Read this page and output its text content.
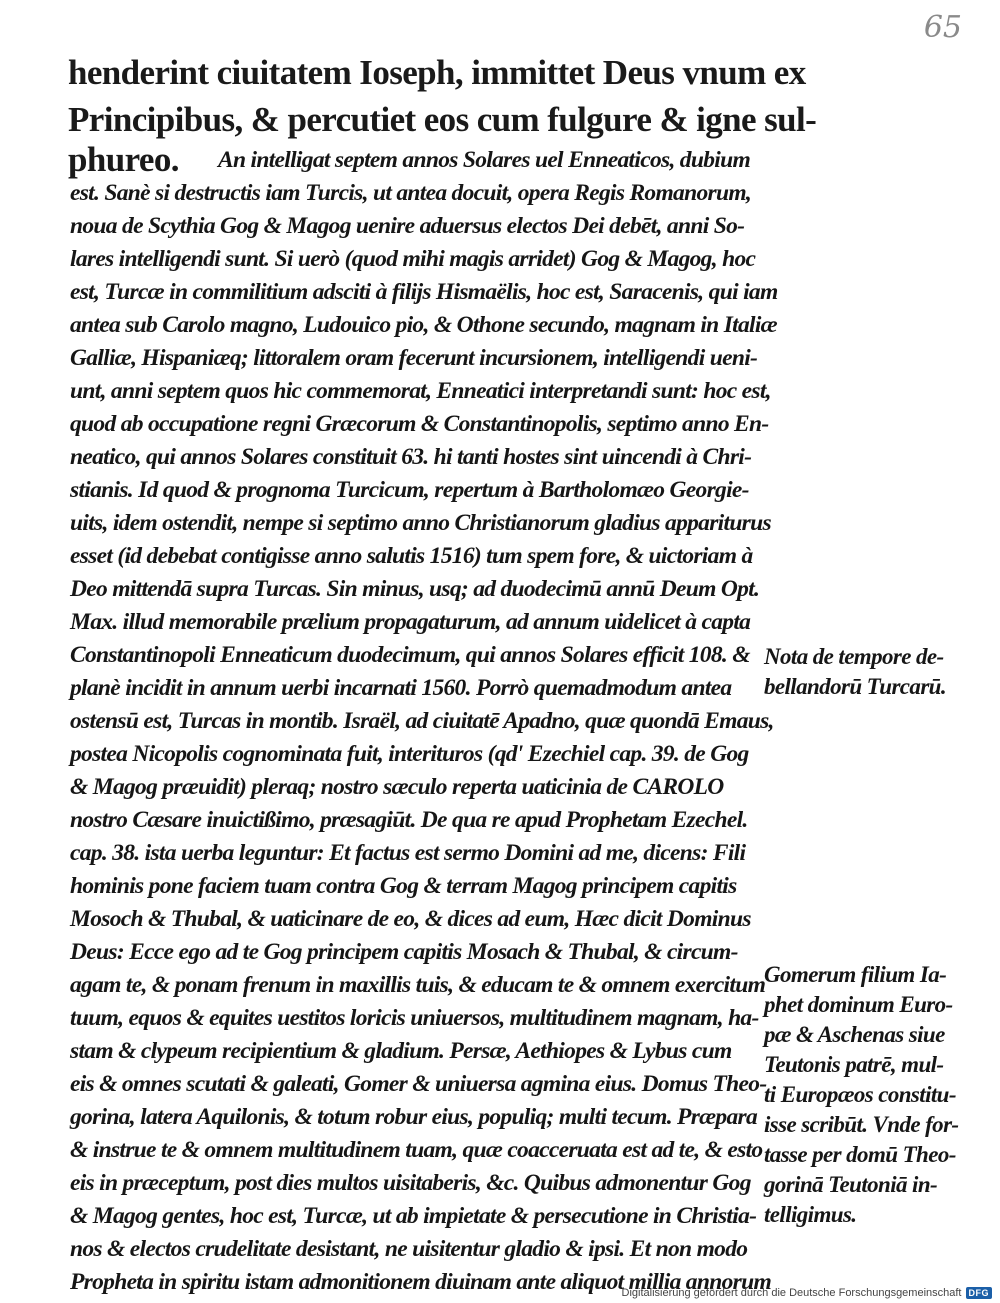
65
henderint ciuitatem Ioseph, immittet Deus vnum ex
Principibus, & percutiet eos cum fulgure & igne sul-
phureo.	An intelligat septem annos Solares uel Enneaticos, dubium
est. Sanè si destructis iam Turcis, ut antea docuit, opera Regis Romanorum,
noua de Scythia Gog & Magog uenire aduersus electos Dei debēt, anni So-
lares intelligendi sunt. Si uerò (quod mihi magis arridet) Gog & Magog, hoc
est, Turcæ in commilitium adsciti à filijs Hismaëlis, hoc est, Saracenis, qui iam
antea sub Carolo magno, Ludouico pio, & Othone secundo, magnam in Italiæ
Galliæ, Hispaniæq; littoralem oram fecerunt incursionem, intelligendi ueni-
unt, anni septem quos hic commemorat, Enneatici interpretandi sunt: hoc est,
quod ab occupatione regni Græcorum & Constantinopolis, septimo anno En-
neatico, qui annos Solares constituit 63. hi tanti hostes sint uincendi à Chri-
stianis. Id quod & prognoma Turcicum, repertum à Bartholomæo Georgie-
uits, idem ostendit, nempe si septimo anno Christianorum gladius appariturus
esset (id debebat contigisse anno salutis 1516) tum spem fore, & uictoriam à
Deo mittendā supra Turcas. Sin minus, usq; ad duodecimū annū Deum Opt.
Max. illud memorabile prælium propagaturum, ad annum uidelicet à capta
Constantinopoli Enneaticum duodecimum, qui annos Solares efficit 108. &
planè incidit in annum uerbi incarnati 1560. Porrò quemadmodum antea
ostensū est, Turcas in montib. Israël, ad ciuitatē Apadno, quæ quondā Emaus,
postea Nicopolis cognominata fuit, interituros (qd' Ezechiel cap. 39. de Gog
& Magog præuidit) pleraq; nostro sæculo reperta uaticinia de CAROLO
nostro Cæsare inuictißimo, præsagiūt. De qua re apud Prophetam Ezechel.
cap. 38. ista uerba leguntur: Et factus est sermo Domini ad me, dicens: Fili
hominis pone faciem tuam contra Gog & terram Magog principem capitis
Mosoch & Thubal, & uaticinare de eo, & dices ad eum, Hæc dicit Dominus
Deus: Ecce ego ad te Gog principem capitis Mosach & Thubal, & circum-
agam te, & ponam frenum in maxillis tuis, & educam te & omnem exercitum
tuum, equos & equites uestitos loricis uniuersos, multitudinem magnam, ha-
stam & clypeum recipientium & gladium. Persæ, Aethiopes & Lybus cum
eis & omnes scutati & galeati, Gomer & uniuersa agmina eius. Domus Theo-
gorina, latera Aquilonis, & totum robur eius, populiq; multi tecum. Præpara
& instrue te & omnem multitudinem tuam, quæ coacceruata est ad te, & esto
eis in præceptum, post dies multos uisitaberis, &c. Quibus admonentur Gog
& Magog gentes, hoc est, Turcæ, ut ab impietate & persecutione in Christia-
nos & electos crudelitate desistant, ne uisitentur gladio & ipsi. Et non modo
Propheta in spiritu istam admonitionem diuinam ante aliquot millia annorum
Nota de tempore de-
bellandorū Turcarū.
Gomerum filium Ia-
phet dominum Euro-
pæ & Aschenas siue
Teutonis patrē, mul-
ti Europæos constitu-
isse scribūt. Vnde for-
tasse per domū Theo-
gorinā Teutoniā in-
telligimus.
Digitalisierung gefördert durch die Deutsche Forschungsgemeinschaft DFG
